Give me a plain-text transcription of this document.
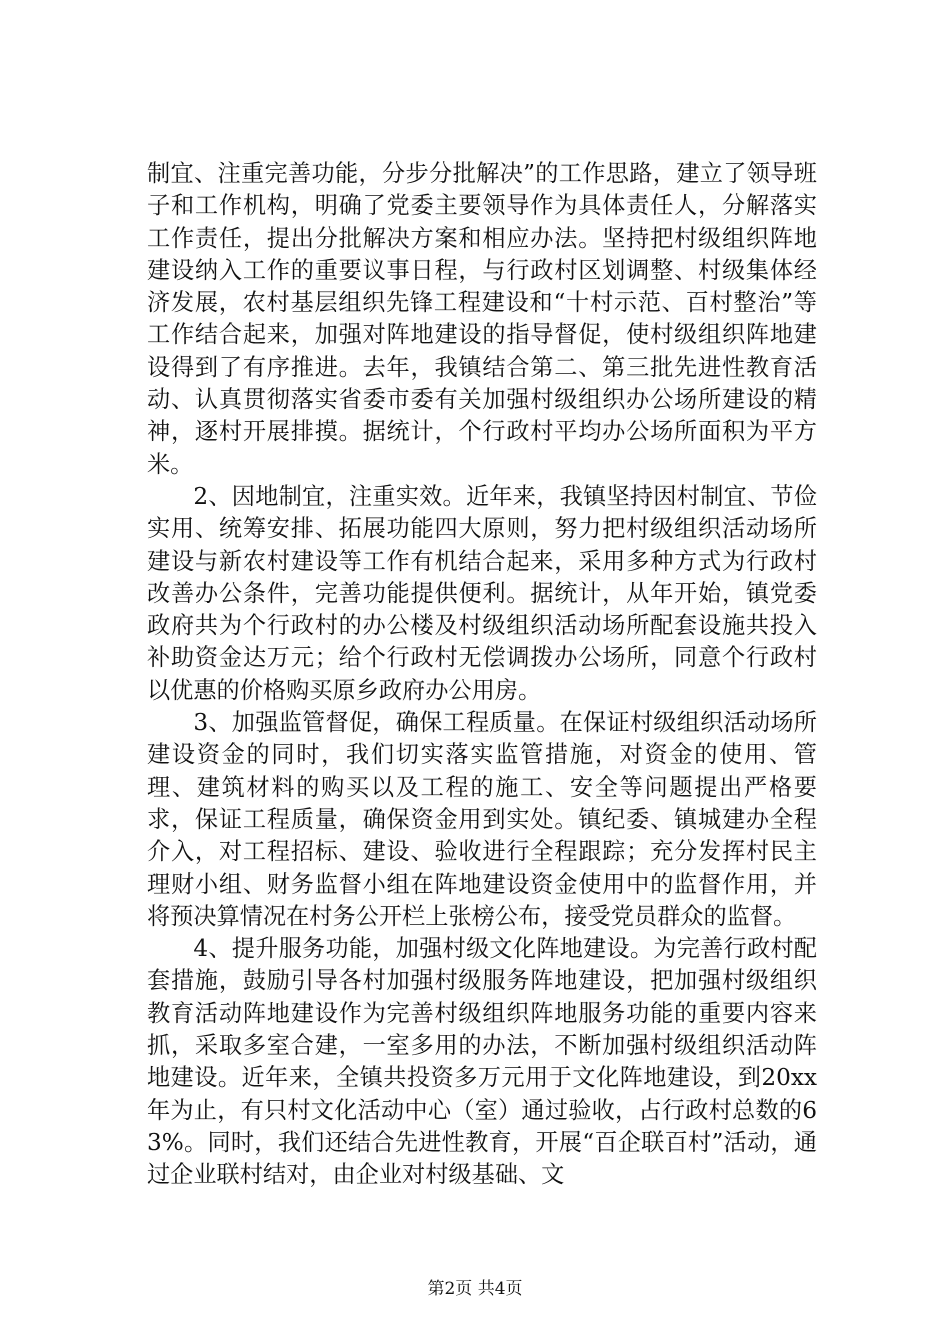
制宜、注重完善功能，分步分批解决”的工作思路，建立了领导班子和工作机构，明确了党委主要领导作为具体责任人，分解落实工作责任，提出分批解决方案和相应办法。坚持把村级组织阵地建设纳入工作的重要议事日程，与行政村区划调整、村级集体经济发展，农村基层组织先锋工程建设和“十村示范、百村整治”等工作结合起来，加强对阵地建设的指导督促，使村级组织阵地建设得到了有序推进。去年，我镇结合第二、第三批先进性教育活动、认真贯彻落实省委市委有关加强村级组织办公场所建设的精神，逐村开展排摸。据统计，个行政村平均办公场所面积为平方米。

2、因地制宜，注重实效。近年来，我镇坚持因村制宜、节俭实用、统筹安排、拓展功能四大原则，努力把村级组织活动场所建设与新农村建设等工作有机结合起来，采用多种方式为行政村改善办公条件，完善功能提供便利。据统计，从年开始，镇党委政府共为个行政村的办公楼及村级组织活动场所配套设施共投入补助资金达万元；给个行政村无偿调拨办公场所，同意个行政村以优惠的价格购买原乡政府办公用房。

3、加强监管督促，确保工程质量。在保证村级组织活动场所建设资金的同时，我们切实落实监管措施，对资金的使用、管理、建筑材料的购买以及工程的施工、安全等问题提出严格要求，保证工程质量，确保资金用到实处。镇纪委、镇城建办全程介入，对工程招标、建设、验收进行全程跟踪；充分发挥村民主理财小组、财务监督小组在阵地建设资金使用中的监督作用，并将预决算情况在村务公开栏上张榜公布，接受党员群众的监督。

4、提升服务功能，加强村级文化阵地建设。为完善行政村配套措施，鼓励引导各村加强村级服务阵地建设，把加强村级组织教育活动阵地建设作为完善村级组织阵地服务功能的重要内容来抓，采取多室合建，一室多用的办法，不断加强村级组织活动阵地建设。近年来，全镇共投资多万元用于文化阵地建设，到20xx年为止，有只村文化活动中心（室）通过验收，占行政村总数的63%。同时，我们还结合先进性教育，开展“百企联百村”活动，通过企业联村结对，由企业对村级基础、文

第2页 共4页
